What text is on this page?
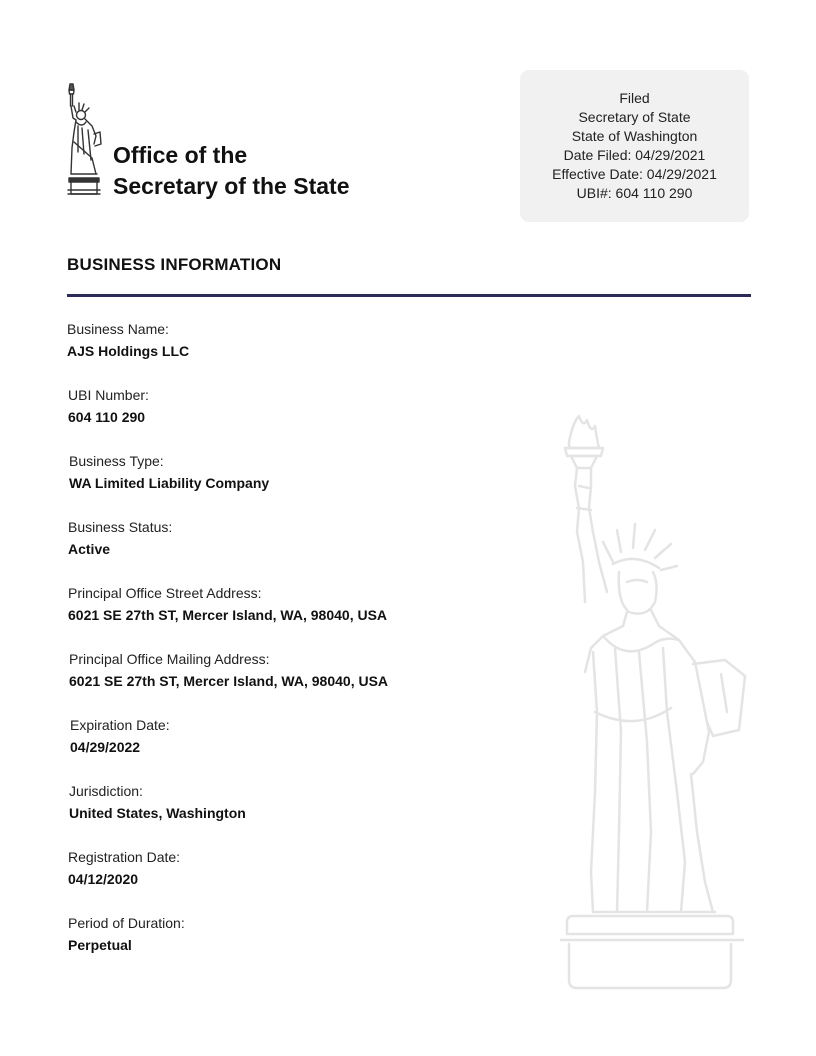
Office of the
Secretary of the State
Filed
Secretary of State
State of Washington
Date Filed: 04/29/2021
Effective Date: 04/29/2021
UBI#: 604 110 290
BUSINESS INFORMATION
Business Name:
AJS Holdings LLC
UBI Number:
604 110 290
Business Type:
WA Limited Liability Company
Business Status:
Active
Principal Office Street Address:
6021 SE 27th ST, Mercer Island, WA, 98040, USA
Principal Office Mailing Address:
6021 SE 27th ST, Mercer Island, WA, 98040, USA
Expiration Date:
04/29/2022
Jurisdiction:
United States, Washington
Registration Date:
04/12/2020
Period of Duration:
Perpetual
